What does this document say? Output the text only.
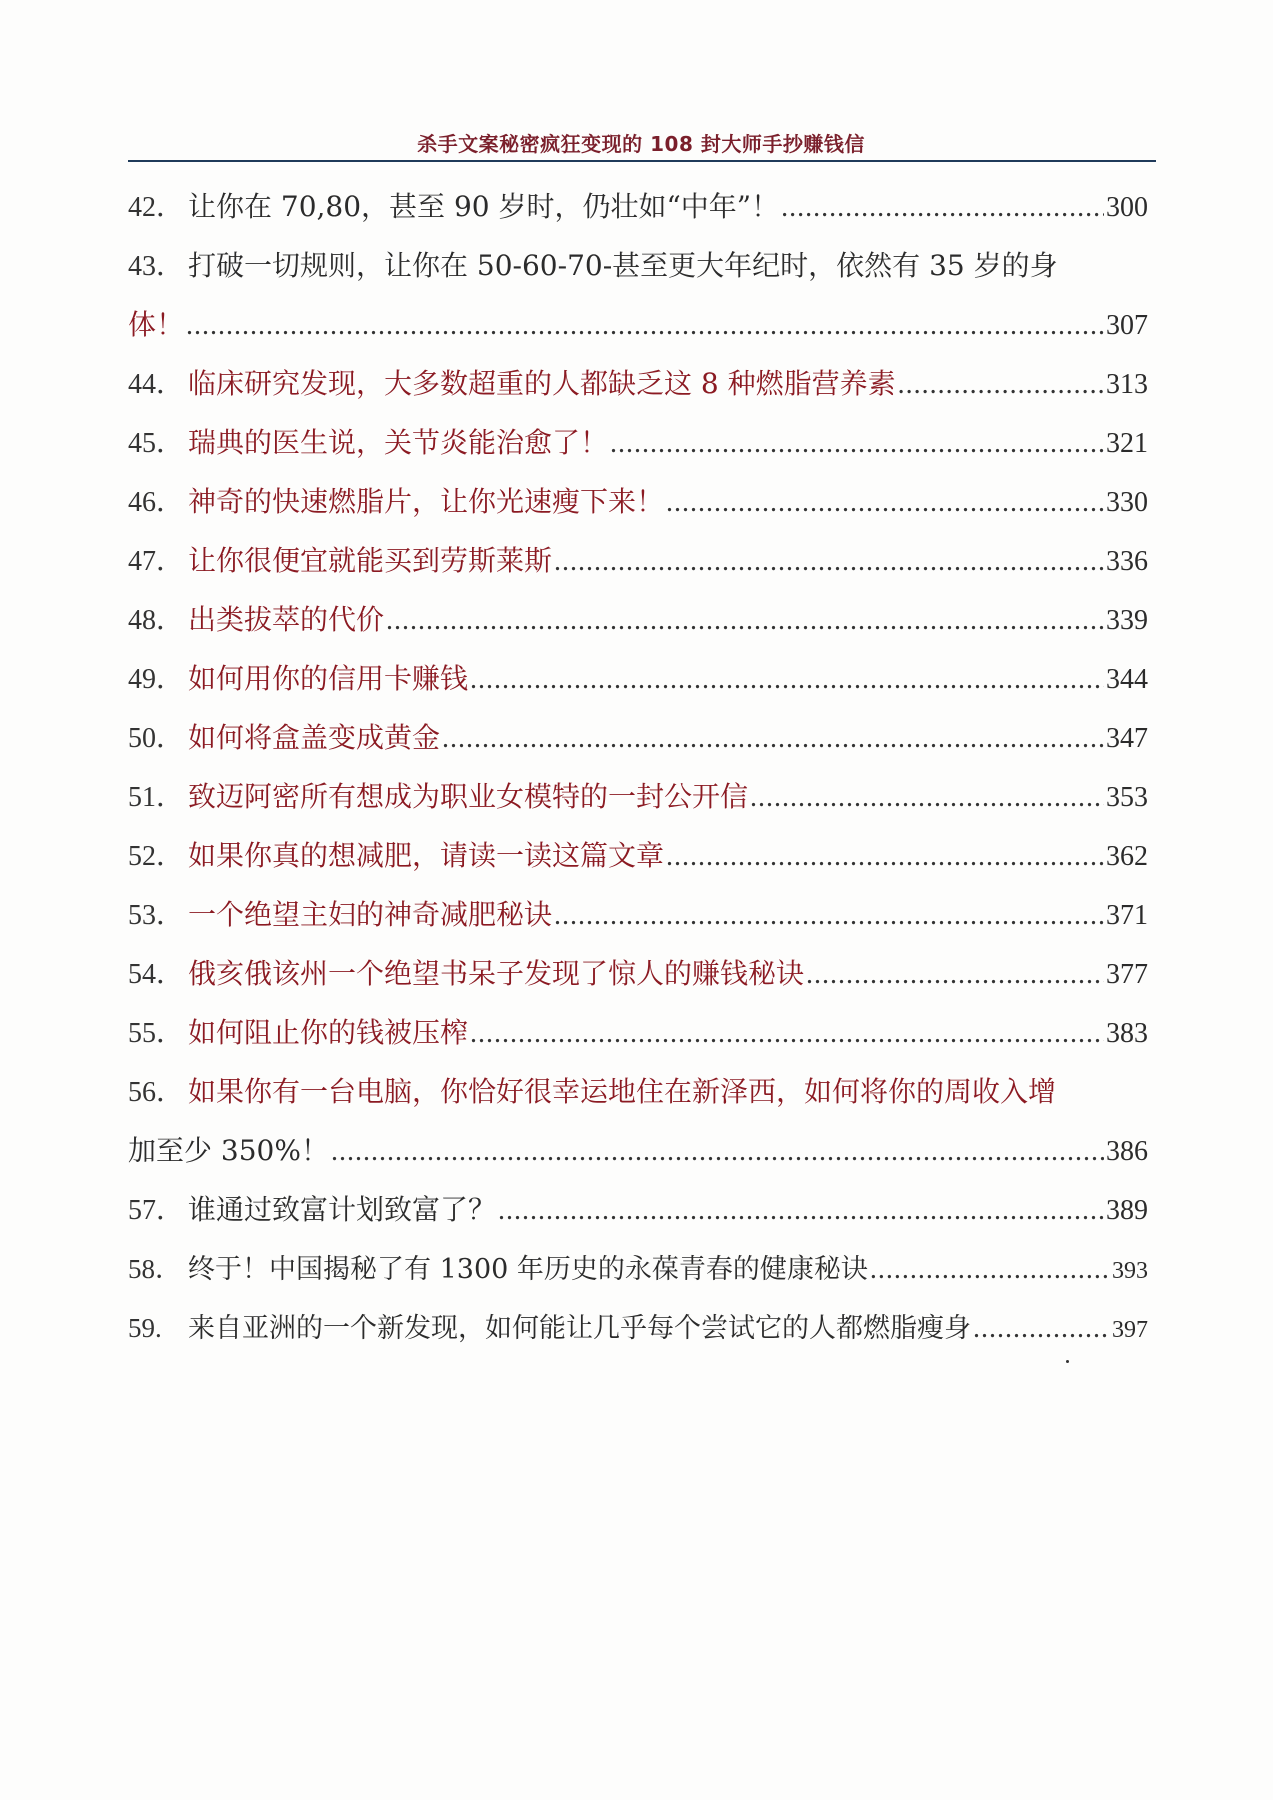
杀手文案秘密疯狂变现的 108 封大师手抄赚钱信
42． 让你在 70,80，甚至 90 岁时，仍壮如“中年”！ .....	300
43． 打破一切规则，让你在 50-60-70-甚至更大年纪时，依然有 35 岁的身
体！ .....	307
44． 临床研究发现，大多数超重的人都缺乏这 8 种燃脂营养素 .....	313
45． 瑞典的医生说，关节炎能治愈了！ .....	321
46． 神奇的快速燃脂片，让你光速瘦下来！ .....	330
47． 让你很便宜就能买到劳斯莱斯 .....	336
48． 出类拔萃的代价 .....	339
49． 如何用你的信用卡赚钱 .....	344
50． 如何将盒盖变成黄金 .....	347
51． 致迈阿密所有想成为职业女模特的一封公开信 .....	353
52． 如果你真的想减肥，请读一读这篇文章 .....	362
53． 一个绝望主妇的神奇减肥秘诀 .....	371
54． 俄亥俄该州一个绝望书呆子发现了惊人的赚钱秘诀 .....	377
55． 如何阻止你的钱被压榨 .....	383
56． 如果你有一台电脑，你恰好很幸运地住在新泽西，如何将你的周收入增
加至少 350%！ .....	386
57． 谁通过致富计划致富了？ .....	389
58． 终于！中国揭秘了有 1300 年历史的永葆青春的健康秘诀 .....	393
59. 来自亚洲的一个新发现，如何能让几乎每个尝试它的人都燃脂瘦身 .....	397
